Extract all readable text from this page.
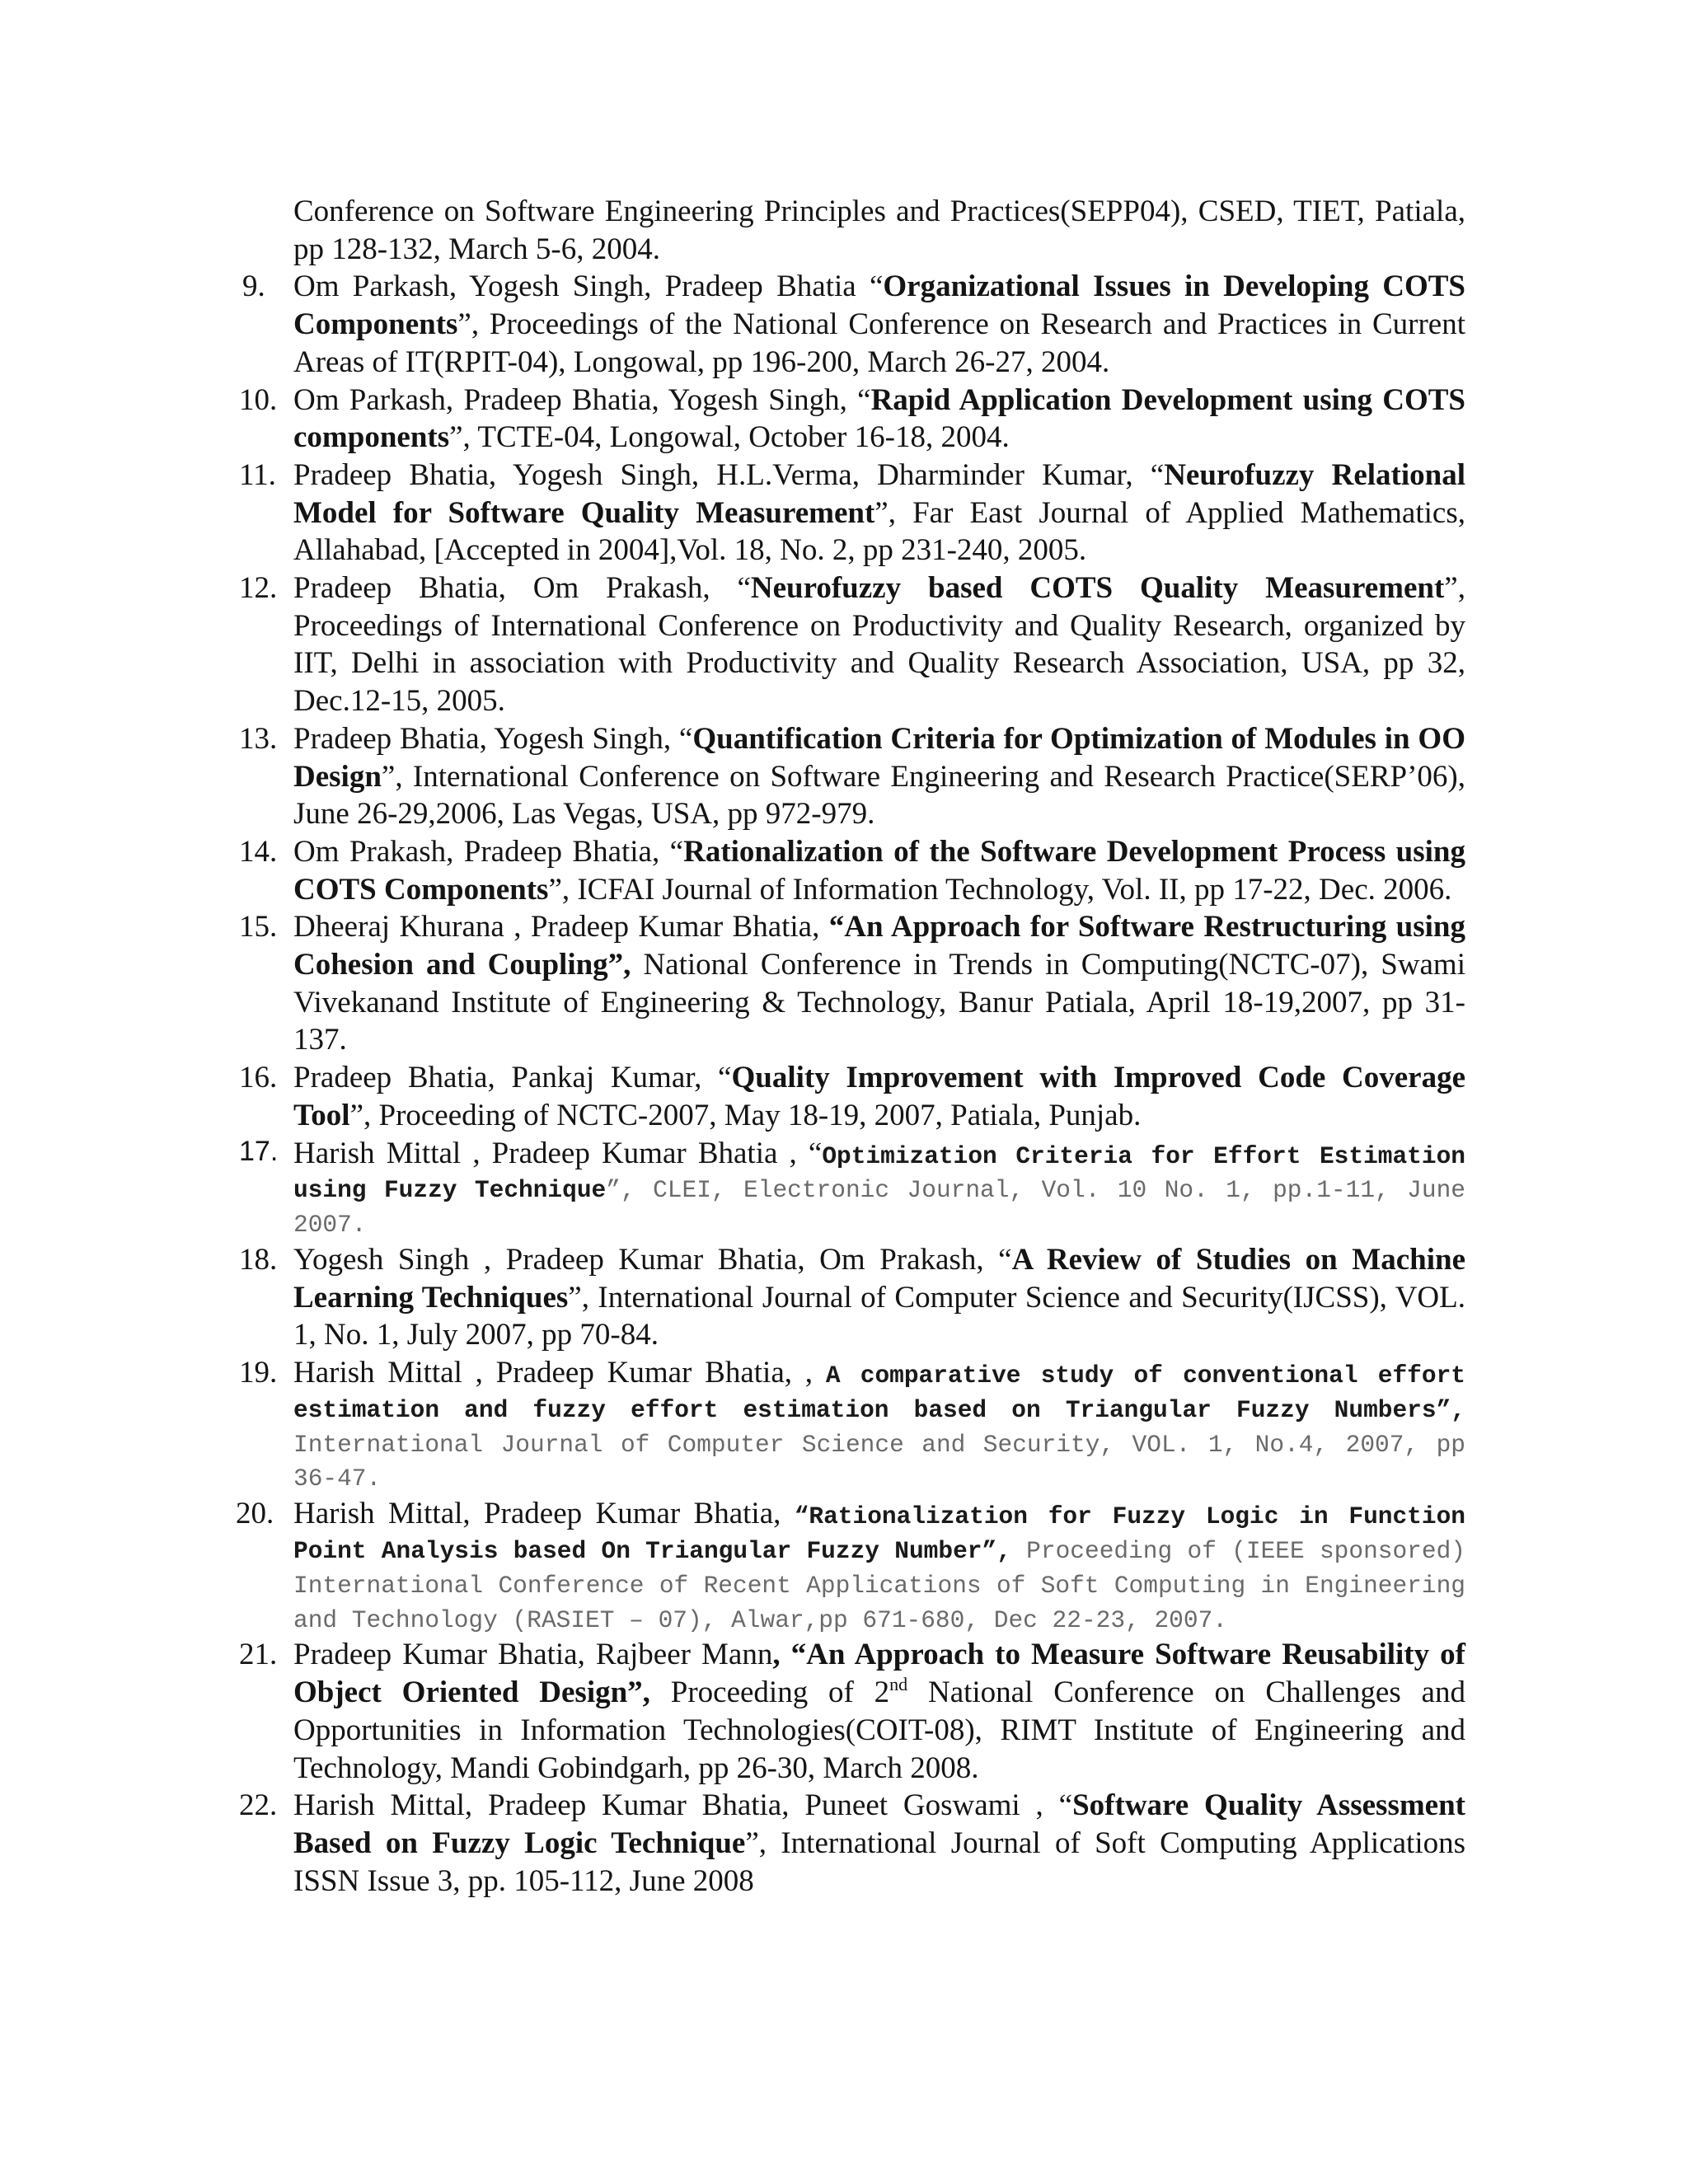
Conference on Software Engineering Principles and Practices(SEPP04), CSED, TIET, Patiala, pp 128-132, March 5-6, 2004.
9. Om Parkash, Yogesh Singh, Pradeep Bhatia “Organizational Issues in Developing COTS Components”, Proceedings of the National Conference on Research and Practices in Current Areas of IT(RPIT-04), Longowal, pp 196-200, March 26-27, 2004.
10. Om Parkash, Pradeep Bhatia, Yogesh Singh, “Rapid Application Development using COTS components”, TCTE-04, Longowal, October 16-18, 2004.
11. Pradeep Bhatia, Yogesh Singh, H.L.Verma, Dharminder Kumar, “Neurofuzzy Relational Model for Software Quality Measurement”, Far East Journal of Applied Mathematics, Allahabad, [Accepted in 2004],Vol. 18, No. 2, pp 231-240, 2005.
12. Pradeep Bhatia, Om Prakash, “Neurofuzzy based COTS Quality Measurement”, Proceedings of International Conference on Productivity and Quality Research, organized by IIT, Delhi in association with Productivity and Quality Research Association, USA, pp 32, Dec.12-15, 2005.
13. Pradeep Bhatia, Yogesh Singh, “Quantification Criteria for Optimization of Modules in OO Design”, International Conference on Software Engineering and Research Practice(SERP’06), June 26-29,2006, Las Vegas, USA, pp 972-979.
14. Om Prakash, Pradeep Bhatia, “Rationalization of the Software Development Process using COTS Components”, ICFAI Journal of Information Technology, Vol. II, pp 17-22, Dec. 2006.
15. Dheeraj Khurana , Pradeep Kumar Bhatia, “An Approach for Software Restructuring using Cohesion and Coupling”, National Conference in Trends in Computing(NCTC-07), Swami Vivekanand Institute of Engineering & Technology, Banur Patiala, April 18-19,2007, pp 31-137.
16. Pradeep Bhatia, Pankaj Kumar, “Quality Improvement with Improved Code Coverage Tool”, Proceeding of NCTC-2007, May 18-19, 2007, Patiala, Punjab.
17. Harish Mittal , Pradeep Kumar Bhatia , “Optimization Criteria for Effort Estimation using Fuzzy Technique”, CLEI, Electronic Journal, Vol. 10 No. 1, pp.1-11, June 2007.
18. Yogesh Singh , Pradeep Kumar Bhatia, Om Prakash, “A Review of Studies on Machine Learning Techniques”, International Journal of Computer Science and Security(IJCSS), VOL. 1, No. 1, July 2007, pp 70-84.
19. Harish Mittal , Pradeep Kumar Bhatia, , A comparative study of conventional effort estimation and fuzzy effort estimation based on Triangular Fuzzy Numbers”, International Journal of Computer Science and Security, VOL. 1, No.4, 2007, pp 36-47.
20. Harish Mittal, Pradeep Kumar Bhatia, “Rationalization for Fuzzy Logic in Function Point Analysis based On Triangular Fuzzy Number”, Proceeding of (IEEE sponsored) International Conference of Recent Applications of Soft Computing in Engineering and Technology (RASIET – 07), Alwar,pp 671-680, Dec 22-23, 2007.
21. Pradeep Kumar Bhatia, Rajbeer Mann, “An Approach to Measure Software Reusability of Object Oriented Design”, Proceeding of 2nd National Conference on Challenges and Opportunities in Information Technologies(COIT-08), RIMT Institute of Engineering and Technology, Mandi Gobindgarh, pp 26-30, March 2008.
22. Harish Mittal, Pradeep Kumar Bhatia, Puneet Goswami , “Software Quality Assessment Based on Fuzzy Logic Technique”, International Journal of Soft Computing Applications ISSN Issue 3, pp. 105-112, June 2008
